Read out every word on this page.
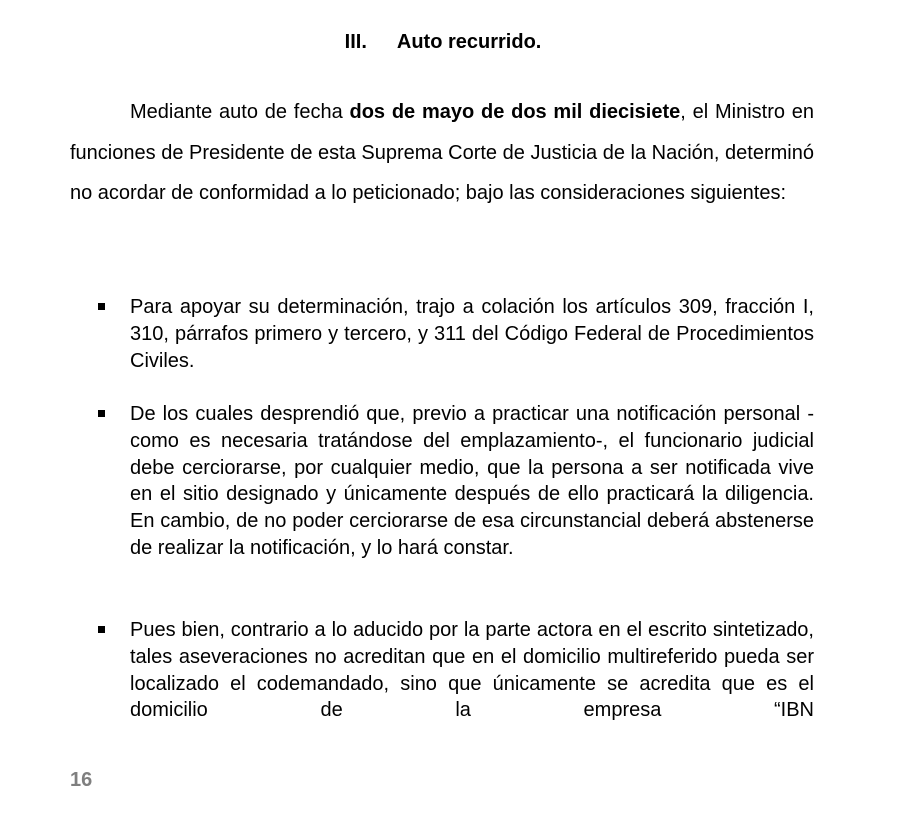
III. Auto recurrido.

Mediante auto de fecha dos de mayo de dos mil diecisiete, el Ministro en funciones de Presidente de esta Suprema Corte de Justicia de la Nación, determinó no acordar de conformidad a lo peticionado; bajo las consideraciones siguientes:

Para apoyar su determinación, trajo a colación los artículos 309, fracción I, 310, párrafos primero y tercero, y 311 del Código Federal de Procedimientos Civiles.
De los cuales desprendió que, previo a practicar una notificación personal -como es necesaria tratándose del emplazamiento-, el funcionario judicial debe cerciorarse, por cualquier medio, que la persona a ser notificada vive en el sitio designado y únicamente después de ello practicará la diligencia. En cambio, de no poder cerciorarse de esa circunstancial deberá abstenerse de realizar la notificación, y lo hará constar.
Pues bien, contrario a lo aducido por la parte actora en el escrito sintetizado, tales aseveraciones no acreditan que en el domicilio multireferido pueda ser localizado el codemandado, sino que únicamente se acredita que es el domicilio de la empresa “IBN
16
